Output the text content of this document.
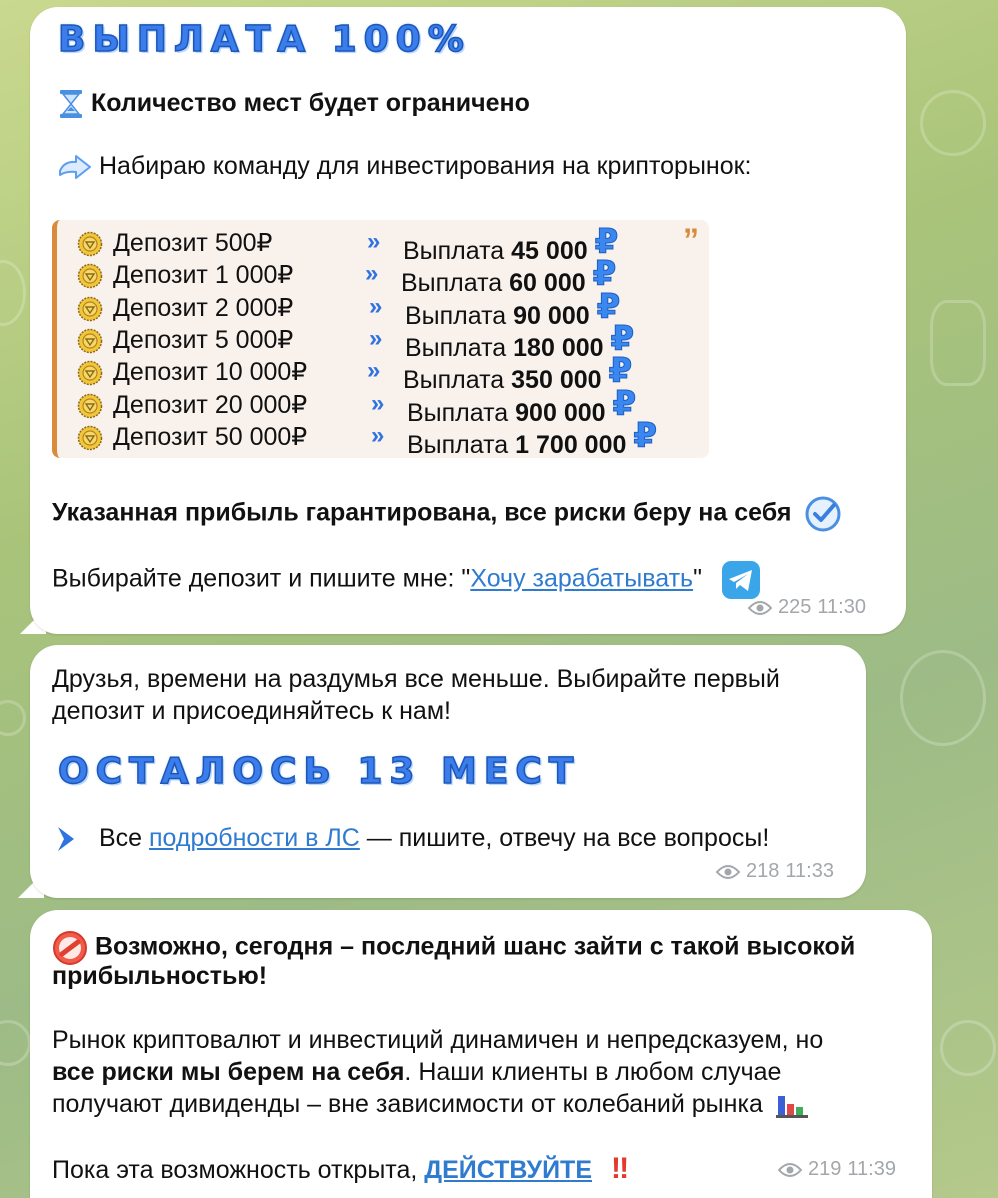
ВЫПЛАТА 100%
Количество мест будет ограничено
Набираю команду для инвестирования на крипторынок:
”
Депозит 500₽	» Выплата 45 000 ₽
Депозит 1 000₽	» Выплата 60 000 ₽
Депозит 2 000₽	» Выплата 90 000 ₽
Депозит 5 000₽	» Выплата 180 000 ₽
Депозит 10 000₽ » Выплата 350 000 ₽
Депозит 20 000₽	» Выплата 900 000 ₽
Депозит 50 000₽	» Выплата 1 700 000 ₽
Указанная прибыль гарантирована, все риски беру на себя
Выбирайте депозит и пишите мне: "Хочу зарабатывать"
225 11:30
Друзья, времени на раздумья все меньше. Выбирайте первый
депозит и присоединяйтесь к нам!
ОСТАЛОСЬ 13 МЕСТ
Все подробности в ЛС — пишите, отвечу на все вопросы!
218 11:33
Возможно, сегодня – последний шанс зайти с такой высокой
прибыльностью!
Рынок криптовалют и инвестиций динамичен и непредсказуем, но
все риски мы берем на себя. Наши клиенты в любом случае
получают дивиденды – вне зависимости от колебаний рынка
Пока эта возможность открыта, ДЕЙСТВУЙТЕ ‼	219 11:39
